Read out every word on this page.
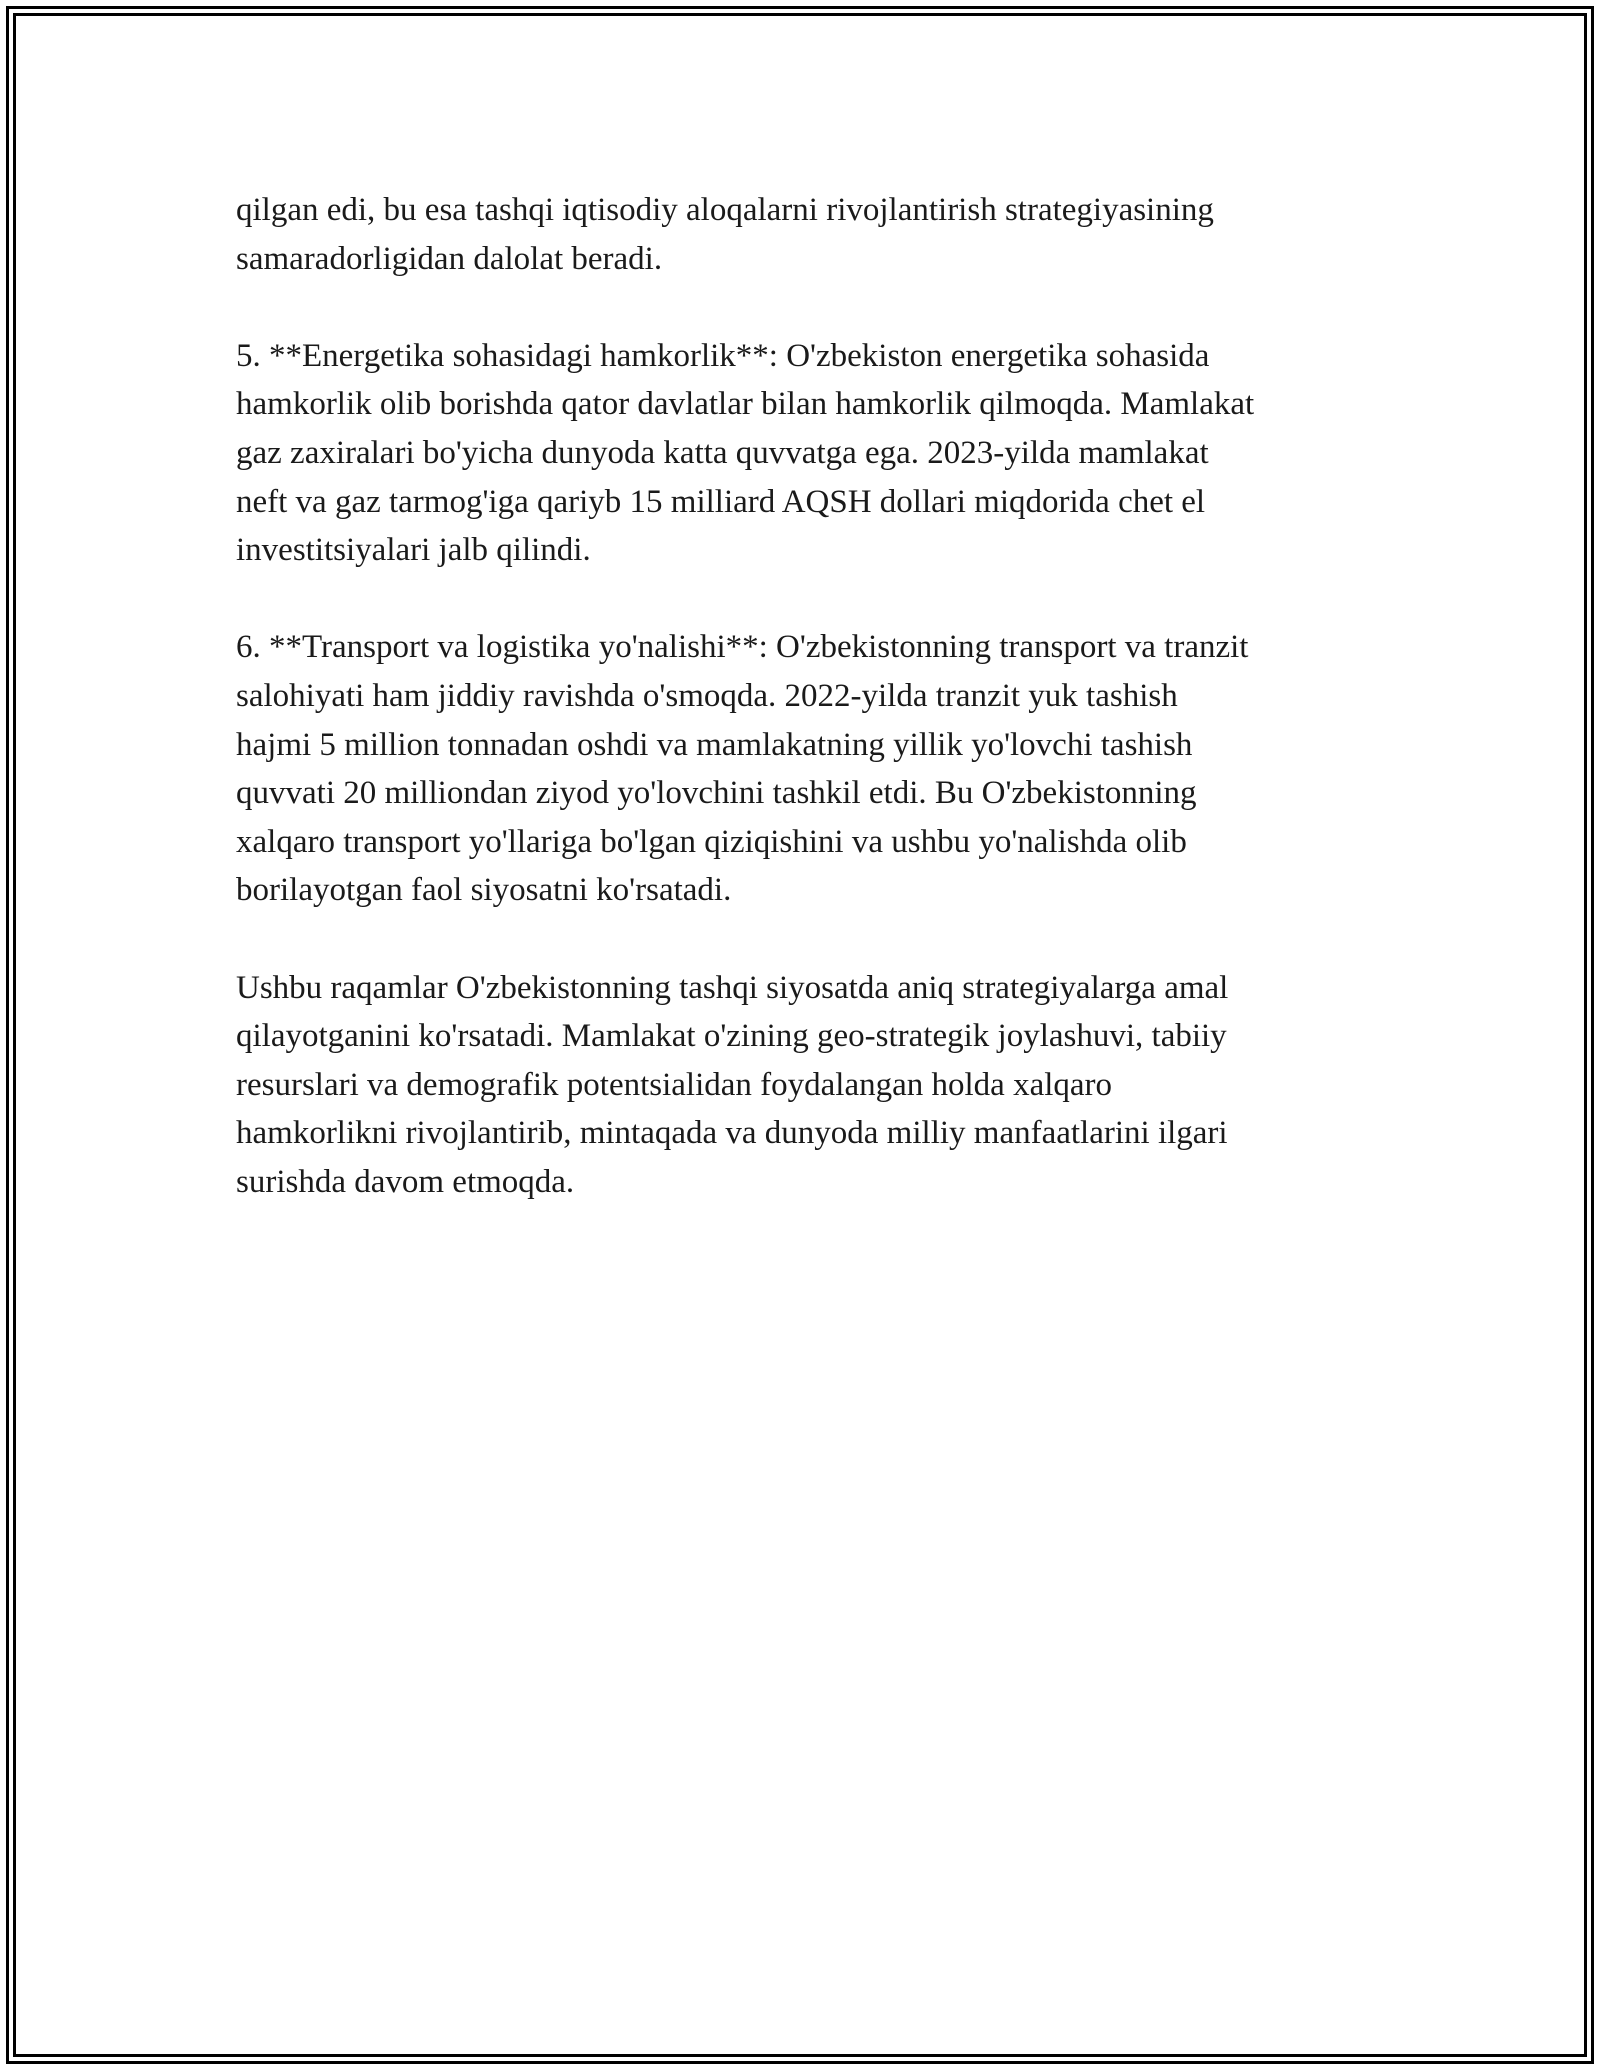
qilgan edi, bu esa tashqi iqtisodiy aloqalarni rivojlantirish strategiyasining
samaradorligidan dalolat beradi.

5. **Energetika sohasidagi hamkorlik**: O'zbekiston energetika sohasida
hamkorlik olib borishda qator davlatlar bilan hamkorlik qilmoqda. Mamlakat
gaz zaxiralari bo'yicha dunyoda katta quvvatga ega. 2023-yilda mamlakat
neft va gaz tarmog'iga qariyb 15 milliard AQSH dollari miqdorida chet el
investitsiyalari jalb qilindi.

6. **Transport va logistika yo'nalishi**: O'zbekistonning transport va tranzit
salohiyati ham jiddiy ravishda o'smoqda. 2022-yilda tranzit yuk tashish
hajmi 5 million tonnadan oshdi va mamlakatning yillik yo'lovchi tashish
quvvati 20 milliondan ziyod yo'lovchini tashkil etdi. Bu O'zbekistonning
xalqaro transport yo'llariga bo'lgan qiziqishini va ushbu yo'nalishda olib
borilayotgan faol siyosatni ko'rsatadi.

Ushbu raqamlar O'zbekistonning tashqi siyosatda aniq strategiyalarga amal
qilayotganini ko'rsatadi. Mamlakat o'zining geo-strategik joylashuvi, tabiiy
resurslari va demografik potentsialidan foydalangan holda xalqaro
hamkorlikni rivojlantirib, mintaqada va dunyoda milliy manfaatlarini ilgari
surishda davom etmoqda.
